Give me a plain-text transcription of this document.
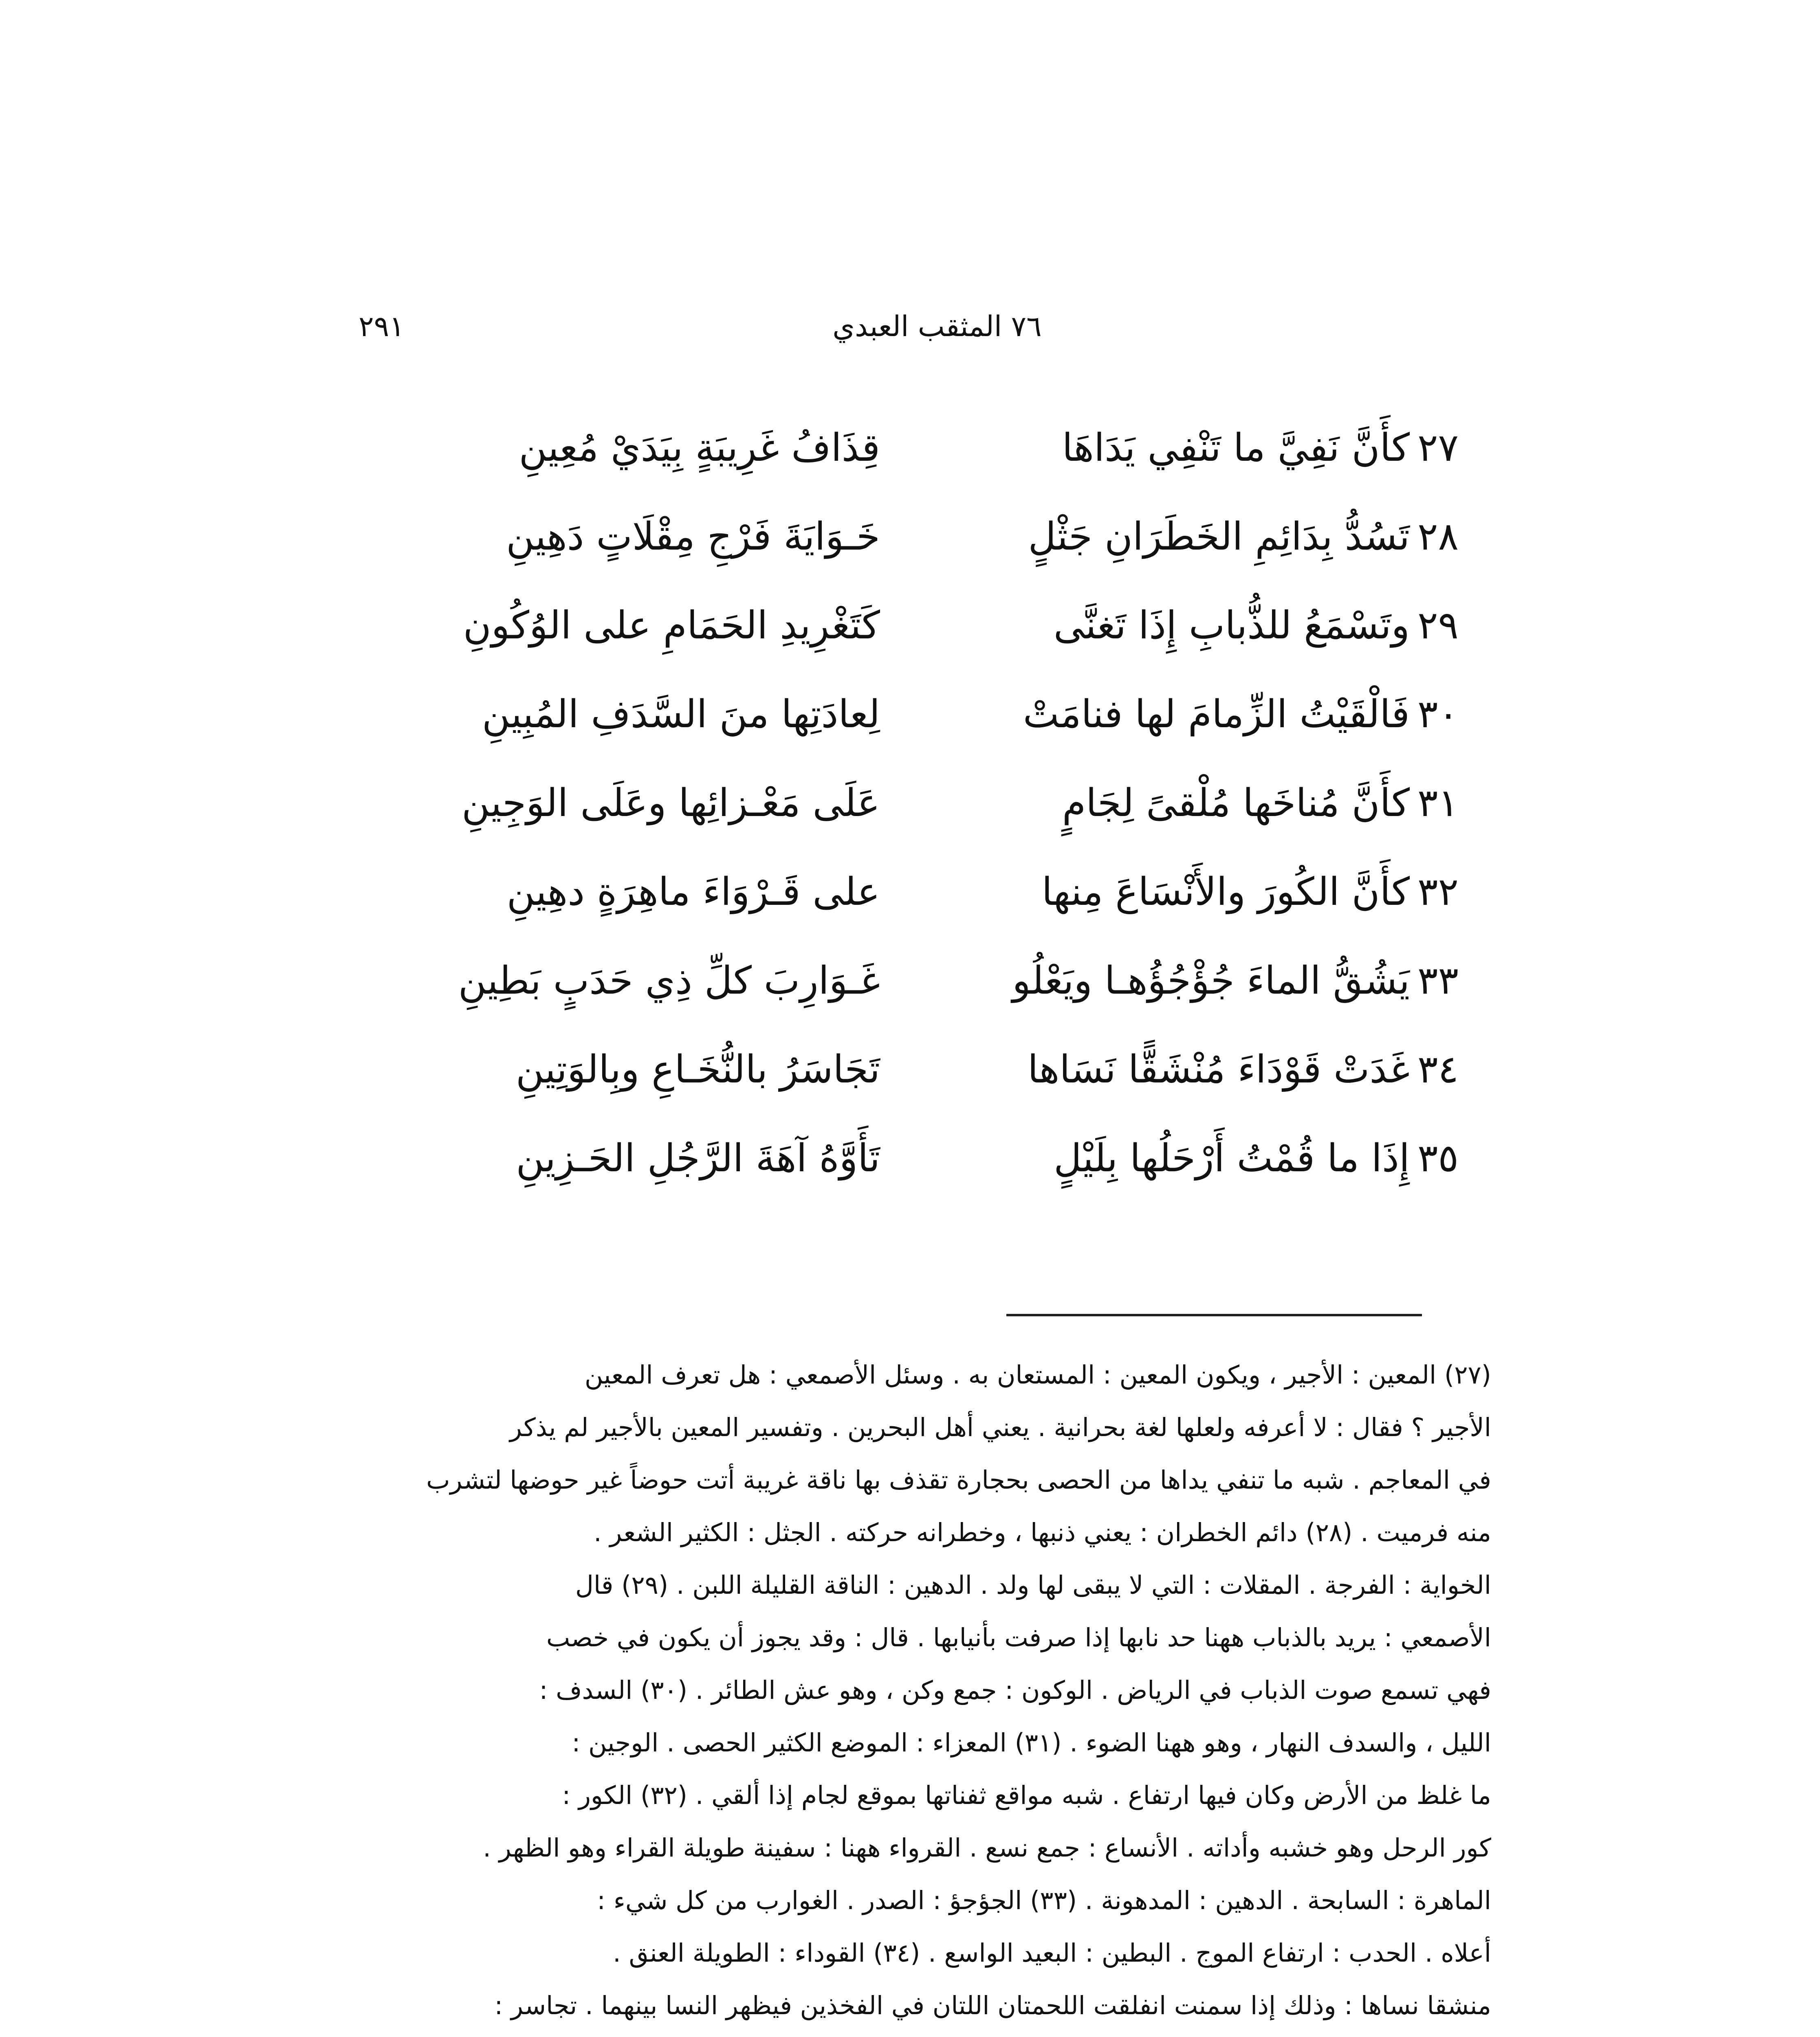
٢٩١	٧٦ المثقب العبدي
٢٧
كأَنَّ نَفِيَّ ما تَنْفِي يَدَاهَا
قِذَافُ غَرِيبَةٍ بِيَدَيْ مُعِينِ
٢٨
تَسُدُّ بِدَائِمِ الخَطَرَانِ جَثْلٍ
خَـوَايَةَ فَرْجِ مِقْلَاتٍ دَهِينِ
٢٩
وتَسْمَعُ للذُّبابِ إِذَا تَغنَّى
كَتَغْرِيدِ الحَمَامِ على الوُكُونِ
٣٠
فَالْقَيْتُ الزِّمامَ لها فنامَتْ
لِعادَتِها منَ السَّدَفِ المُبِينِ
٣١
كأَنَّ مُناخَها مُلْقىً لِجَامٍ
عَلَى مَعْـزائِها وعَلَى الوَجِينِ
٣٢
كأَنَّ الكُورَ والأَنْسَاعَ مِنها
على قَـرْوَاءَ ماهِرَةٍ دهِينِ
٣٣
يَشُقُّ الماءَ جُؤْجُؤُهـا ويَعْلُو
غَـوَارِبَ كلِّ ذِي حَدَبٍ بَطِينِ
٣٤
غَدَتْ قَوْدَاءَ مُنْشَقًّا نَسَاها
تَجَاسَرُ بالنُّخَـاعِ وبِالوَتِينِ
٣٥
إِذَا ما قُمْتُ أَرْحَلُها بِلَيْلٍ
تَأَوَّهُ آهَةَ الرَّجُلِ الحَـزِينِ
(٢٧) المعين : الأجير ، ويكون المعين : المستعان به . وسئل الأصمعي : هل تعرف المعين
الأجير ؟ فقال : لا أعرفه ولعلها لغة بحرانية . يعني أهل البحرين . وتفسير المعين بالأجير لم يذكر
في المعاجم . شبه ما تنفي يداها من الحصى بحجارة تقذف بها ناقة غريبة أتت حوضاً غير حوضها لتشرب
منه فرميت . (٢٨) دائم الخطران : يعني ذنبها ، وخطرانه حركته . الجثل : الكثير الشعر .
الخواية : الفرجة . المقلات : التي لا يبقى لها ولد . الدهين : الناقة القليلة اللبن . (٢٩) قال
الأصمعي : يريد بالذباب ههنا حد نابها إذا صرفت بأنيابها . قال : وقد يجوز أن يكون في خصب
فهي تسمع صوت الذباب في الرياض . الوكون : جمع وكن ، وهو عش الطائر . (٣٠) السدف :
الليل ، والسدف النهار ، وهو ههنا الضوء . (٣١) المعزاء : الموضع الكثير الحصى . الوجين :
ما غلظ من الأرض وكان فيها ارتفاع . شبه مواقع ثفناتها بموقع لجام إذا ألقي . (٣٢) الكور :
كور الرحل وهو خشبه وأداته . الأنساع : جمع نسع . القرواء ههنا : سفينة طويلة القراء وهو الظهر .
الماهرة : السابحة . الدهين : المدهونة . (٣٣) الجؤجؤ : الصدر . الغوارب من كل شيء :
أعلاه . الحدب : ارتفاع الموج . البطين : البعيد الواسع . (٣٤) القوداء : الطويلة العنق .
منشقا نساها : وذلك إذا سمنت انفلقت اللحمتان اللتان في الفخذين فيظهر النسا بينهما . تجاسر :
